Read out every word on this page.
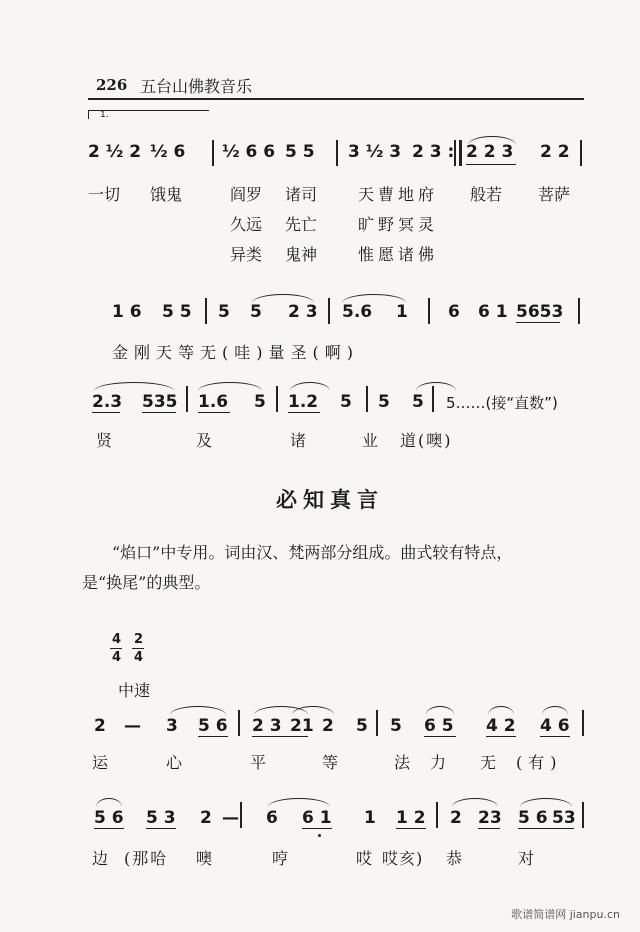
226 五台山佛教音乐
1.
2 ½ 2 ½ 6 ½ 6 6 5 5 3 ½ 3 2 3 : 2 2 3 2 2
一切 饿鬼	阎罗 诸司	天曹地府 般若 菩萨
久远 先亡	旷野冥灵
异类 鬼神	惟愿诸佛
1 6 5 5 5 5 2 3 5.6 1 6 6 1 5653
金刚天等无(哇)量圣(啊)
2.3 535 1.6 5 1.2 5 5 5 5……(接“直数”)
贤	及	诸	业 道(噢)
必知真言
“焰口”中专用。词由汉、梵两部分组成。曲式较有特点，
是“换尾”的典型。
4
4
2
4
中速
2 — 3 5 6 2 3 21 2 5 5 6 5 4 2 4 6
运	心	平	等	法 力 无 (有)
5 6 5 3 2 — 6 6 1 1 1 2 2 23 5 6 53
边 (那哈 噢	哼	哎 哎亥) 恭	对
歌谱简谱网 jianpu.cn
